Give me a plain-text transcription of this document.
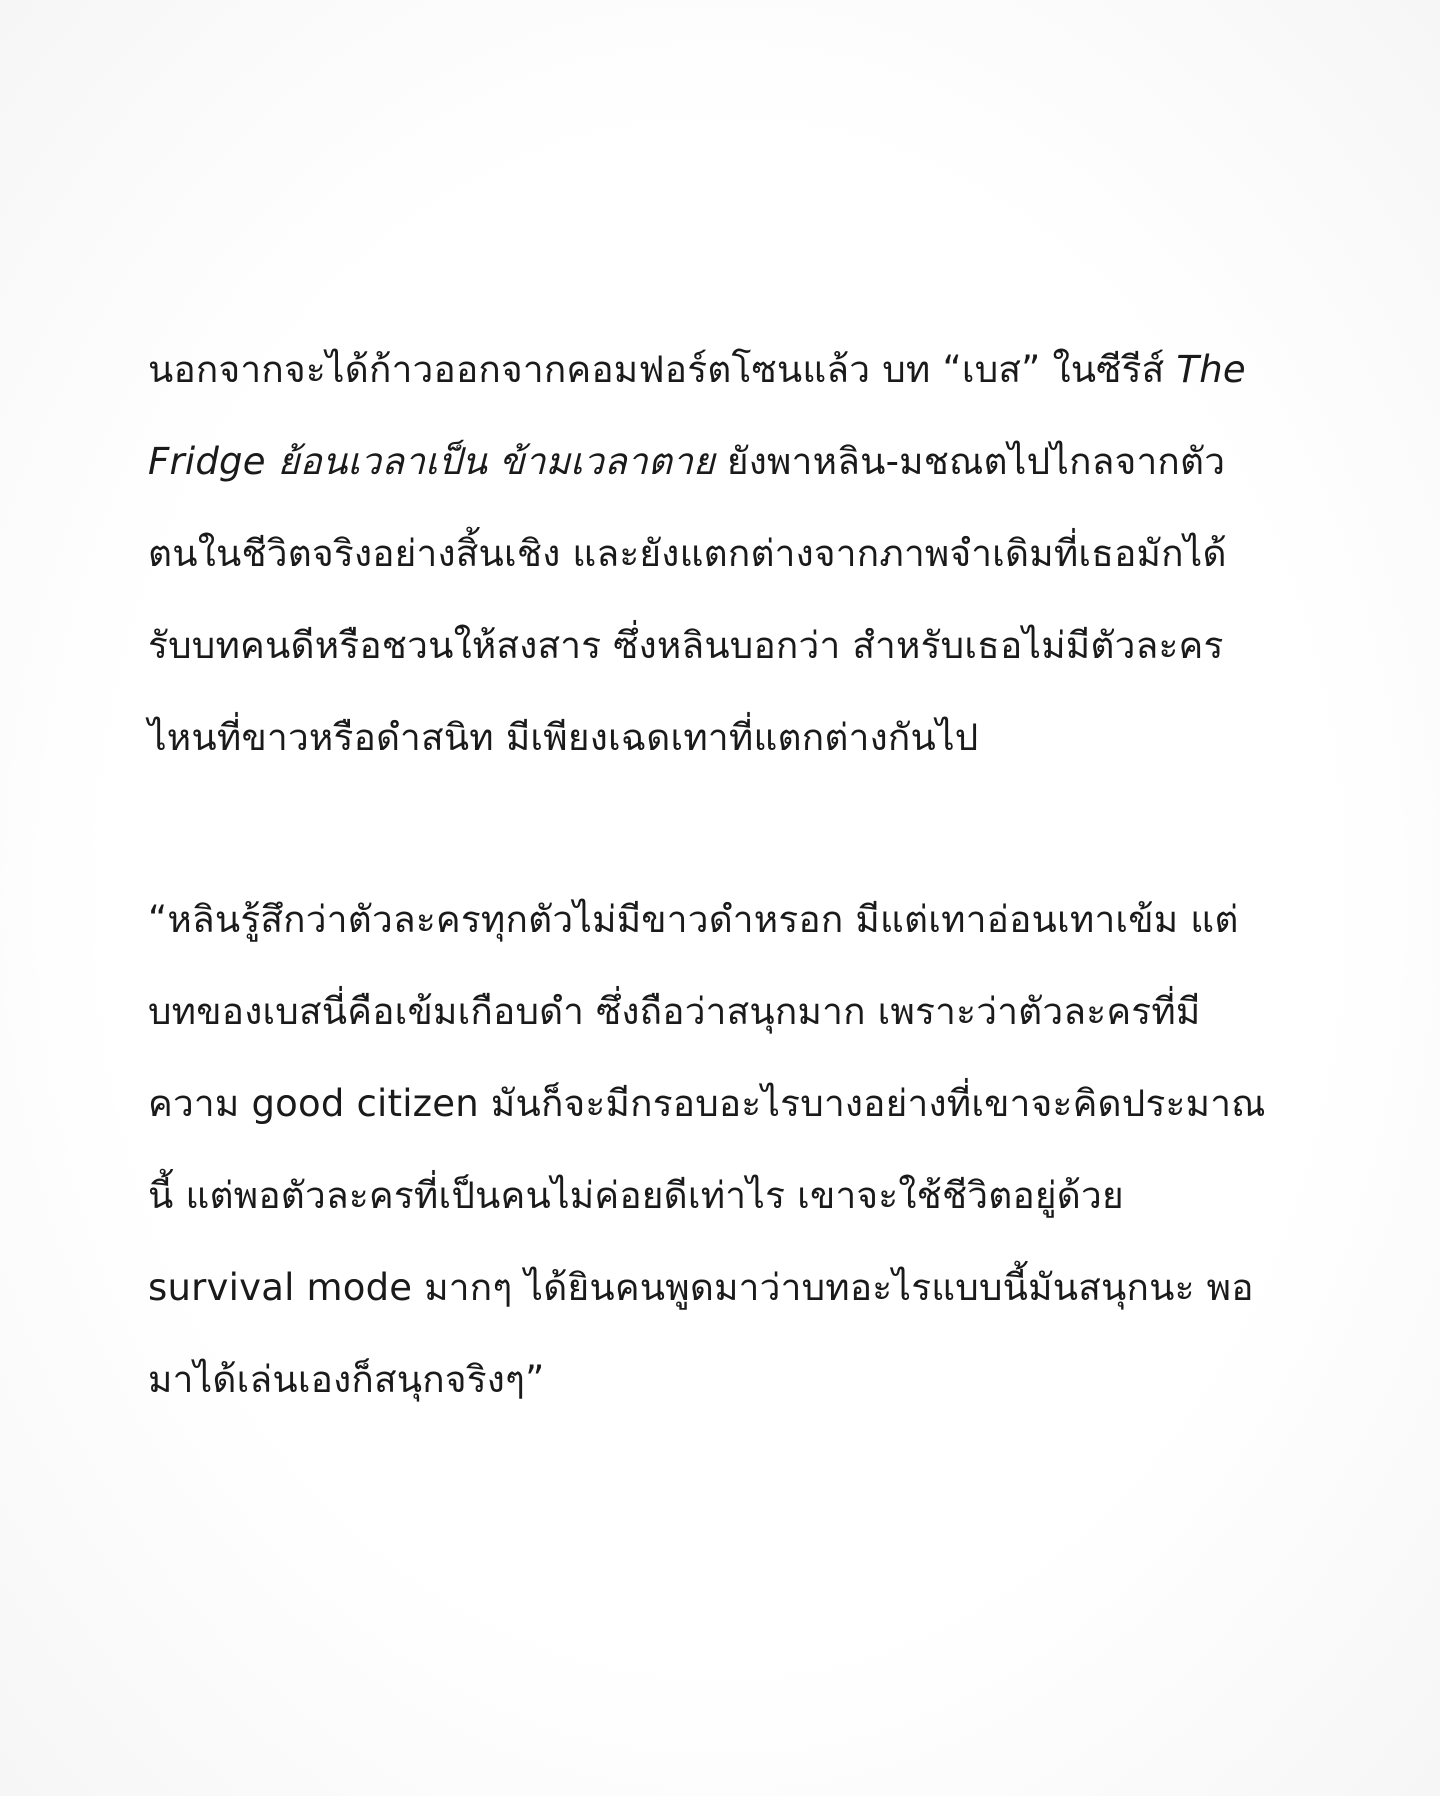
นอกจากจะได้ก้าวออกจากคอมฟอร์ตโซนแล้ว บท “เบส” ในซีรีส์ The
Fridge ย้อนเวลาเป็น ข้ามเวลาตาย ยังพาหลิน-มชณตไปไกลจากตัว
ตนในชีวิตจริงอย่างสิ้นเชิง และยังแตกต่างจากภาพจำเดิมที่เธอมักได้
รับบทคนดีหรือชวนให้สงสาร ซึ่งหลินบอกว่า สำหรับเธอไม่มีตัวละคร
ไหนที่ขาวหรือดำสนิท มีเพียงเฉดเทาที่แตกต่างกันไป
“หลินรู้สึกว่าตัวละครทุกตัวไม่มีขาวดำหรอก มีแต่เทาอ่อนเทาเข้ม แต่
บทของเบสนี่คือเข้มเกือบดำ ซึ่งถือว่าสนุกมาก เพราะว่าตัวละครที่มี
ความ good citizen มันก็จะมีกรอบอะไรบางอย่างที่เขาจะคิดประมาณ
นี้ แต่พอตัวละครที่เป็นคนไม่ค่อยดีเท่าไร เขาจะใช้ชีวิตอยู่ด้วย
survival mode มากๆ ได้ยินคนพูดมาว่าบทอะไรแบบนี้มันสนุกนะ พอ
มาได้เล่นเองก็สนุกจริงๆ”
